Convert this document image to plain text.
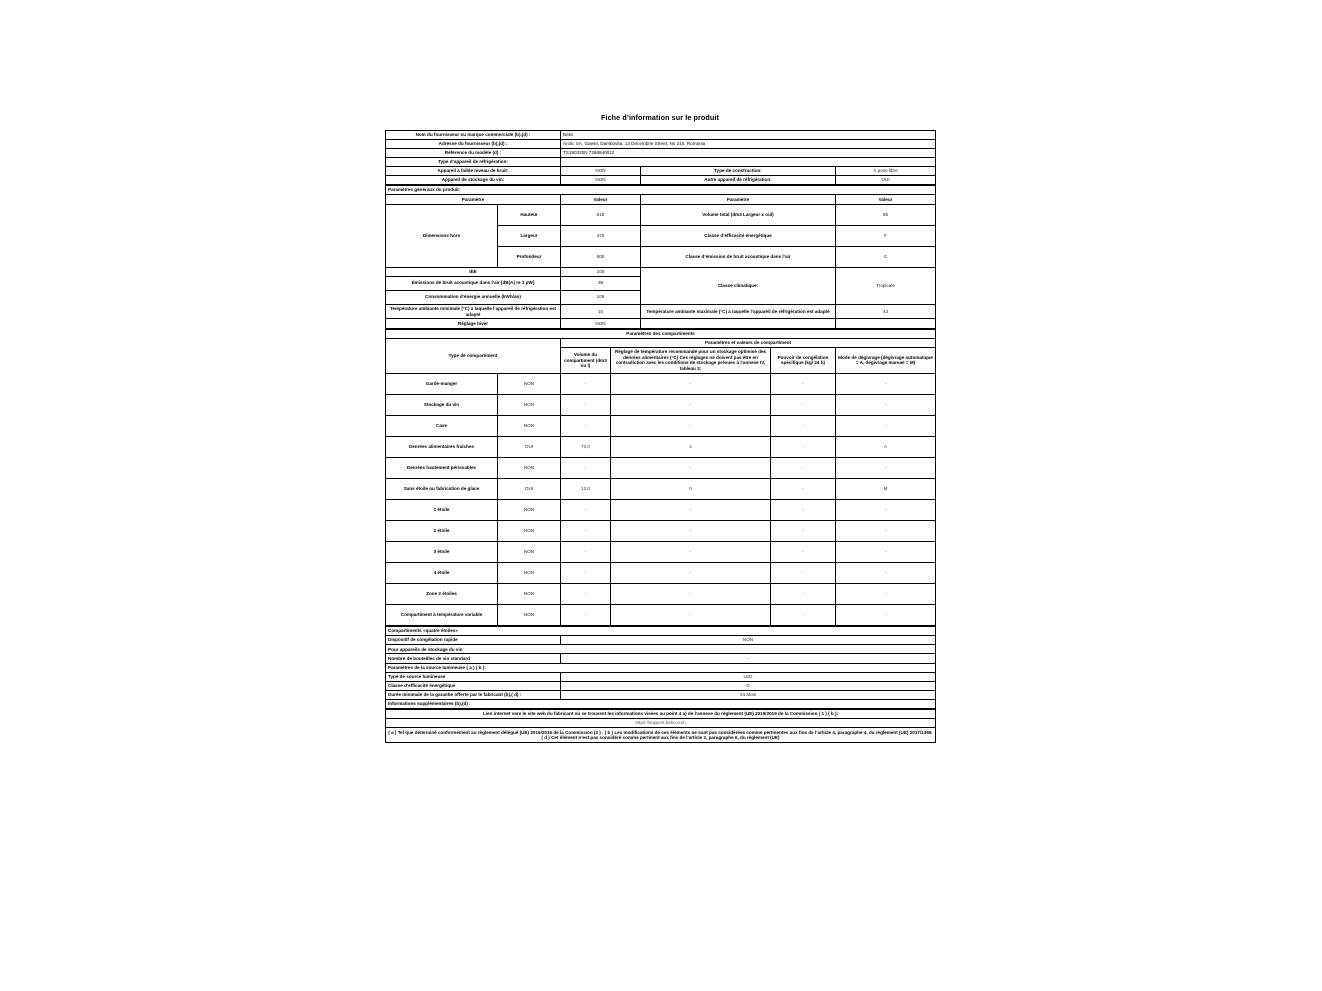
Fiche d’information sur le produit
Nom du fournisseur ou marque commerciale (b),(d) :	Beko		
Adresse du fournisseur (b),(d) :	Arctic SA, Gaesti, Dambovita, 13 Decembrie Street, No 210, Romania		
Référence du modèle (d) :	TS190320N 7266940012		
Type d’appareil de réfrigération:			
Appareil à faible niveau de bruit:	NON	Type de construction:	À pose libre
Appareil de stockage du vin:	NON	Autre appareil de réfrigération:	OUI
Paramètres généraux du produit:				
Paramètre		Valeur	Paramètre	Valeur
Dimensions hors	Hauteur	818	Volume total (dm3 Largeur x oul)	85
	Largeur	475	Classe d’efficacité énergétique	F
	Profondeur	600	Classe d’émission de bruit acoustique dans l’air	C
IEE		100	Classe climatique:	Tropicale
Émissions de bruit acoustique dans l’air [dB(A) re 1 pW]		38		
Consommation d’énergie annuelle (kWh/an)		109		
Température ambiante minimale (°C) à laquelle l’appareil de réfrigération est adapté		10	Température ambiante maximale (°C) à laquelle l’appareil de réfrigération est adapté	43
Réglage hiver		NON		
Paramètres des compartiments					
Type de compartiment		Paramètres et valeurs de compartiment			
		Volume du compartiment (dm3 ou l)	Réglage de température recommandé pour un stockage optimisé des denrées alimentaires (°C) Ces réglages ne doivent pas être en contradiction avec les conditions de stockage prévues à l’annexe IV, tableau 3;	Pouvoir de congélation spécifique (kg/ 24 h)	Mode de dégivrage (dégivrage automatique = A, dégivrage manuel = M)
Garde-manger	NON	-	-	-	-
Stockage du vin	NON	-	-	-	-
Cave	NON	-	-	-	-
Denrées alimentaires fraîches	OUI	73,0	4	-	A
Denrées hautement périssables	NON	-	-	-	-
Sans étoile ou fabrication de glace	OUI	12,0	0	-	M
1 étoile	NON	-	-	-	-
2 étoile	NON	-	-	-	-
3 étoile	NON	-	-	-	-
4 étoile	NON	-	-	-	-
Zone 2 étoiles	NON	-	-	-	-
Compartiment à température variable	NON	-	-	-	-
Compartiments «quatre étoiles»	
Dispositif de congélation rapide	NON
Pour appareils de stockage du vin	
Nombre de bouteilles de vin standard	-
Paramètres de la source lumineuse ( a ) ( b ):	
Type de source lumineuse	LED
Classe d’efficacité énergétique	G
Durée minimale de la garantie offerte par le fabricant (b),( d) :	24 Mois
Informations supplémentaires (b),(d) :	
Lien internet vers le site web du fabricant où se trouvent les informations visées au point 4 a) de l’annexe du règlement (UE) 2019/2019 de la Commission ( 1 ) ( b ):
https://support.beko.com
( a ) Tel que déterminé conformément au règlement délégué (UE) 2019/2015 de la Commission (2 ) . ( b ) Les modifications de ces éléments ne sont pas considérées comme pertinentes aux fins de l’article 4, paragraphe 4, du règlement (UE) 2017/1369. ( d ) Cet élément n’est pas considéré comme pertinent aux fins de l’article 2, paragraphe 6, du règlement (UE)
